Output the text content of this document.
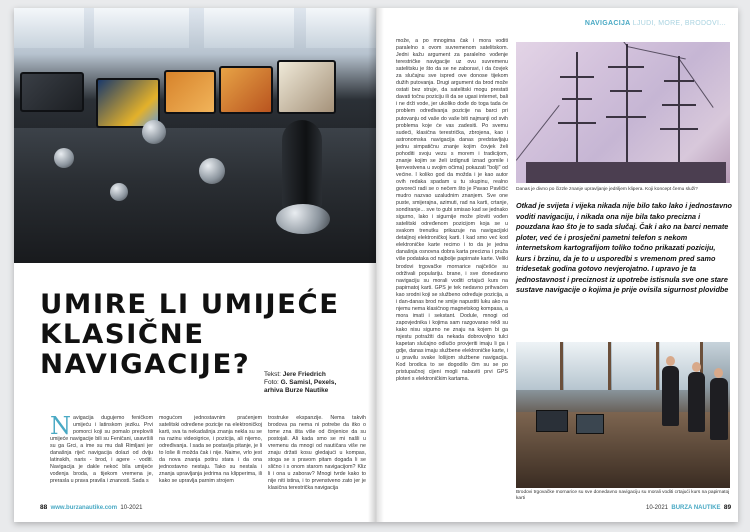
UMIRE LI UMIJEĆE
KLASIČNE
NAVIGACIJE?	Tekst: Jere Friedrich
Foto: G. Samisl, Pexels,
arhiva Burze Nautike
Navigacija dugujemo feničkom umijeću i latinskom jeziku. Prvi pomorci koji su pomalо preplovili umijeće navigacije bili su Feničani, usavršili su ga Grci, a ime su mu dali Rimljani jer današnja riječ navigacija dolazi od dviju latinskih, naris - brod, i agere - voditi. Navigacija je dakle nekoć bila umijeće vođenja broda, a tijekom vremena je, prerasla u prava pravila i znanosti. Sada s
mogućom jednostavnim praćenjem satelitski određene pozicije na elektroničkoj karti, sva ta nekadašnja znanja nekla su se na razinu videoigrice, i pozicija, ali nijemo, određivanja. I sada se postavlja pitanje, je li to loše ili možda čak i nije. Naime, vrlo jest da nova znanja potiru stara i da ona jednostavno nestaju. Tako su nestala i znanja upravljanja jedrima na klipperima, ili kako se upravlja parnim strojem
trostruke ekspanzije. Nema takvih brodova pa nema ni potrebe da itko o tome zna išta više od činjenice da su postojali. Ali kada smo se mi našli u vremenu da mnogi od nautičara više ne znaju držati kosu gledajući u kompas, stoga se s pravom pitam događa li se slično i s onom starom navigacijom? Kliz li i ona u zaborav? Mnogi tvrde kako to nije niti istina, i to prvenstveno zato jer je klasična terestrička navigacija
88 www.burzanautike.com 10-2021
NAVIGACIJA LJUDI, MORE, BRODOVI...
može, a po mnogima čak i mora voditi paralelno s ovom suvremenom satelitskom. Jedni kažu argument za paralelno vođenje terestričke navigacije uz ovu suvremenu satelitsku je što da se ne zaboravi, i da čovjek za slučajnu sve ispred ove donose tijekom dužih putovanja. Drugi argument da brod može ostati bez struje, da satelitski mogu prestati davati točnu poziciju ili da se ugasi internet, bali i ne drži vode, jer ukoliko dođe do toga tada će problem određivanja pozicije na barci pri putovanju od vaše do vaše biti najmanji od svih problema koje će vas zadesiti. Po svemu sudeći, klasična terestrička, zbrojena, kao i astronomska navigacija danas predstavljaju jednu simpatičnu znanje kojim čovjek želi pohoditi svoju vezu s morem i tradicijom, znanje kojim se želi izdignuti iznad gomile i ljenvestvena u svojim očima) pokazati "bolji" od većine. I koliko god da možda i je kao autor ovih redaka spadam u tu skupinu, realno govoreći radi se o nečem što je Pavao Pavličić mudro nazvao uzaludnim znanjem. Sve one puste, smijerajna, azimuti, rad na karti, crtanje, sondiranje... sve to gubi smisao kad se jednako sigurno, lako i sigurnije može ploviti vođen satelitski određenom pozicijom koja se u svakom trenutku prikazuje na navigacijski detaljnoj elektroničkoj karti. I kad smo već kod elektroničke karte recimo i to da je jedna današnja osnovna dobra karta precizna i pruža više podataka od najbolje papirnate karte. Veliki brodovi trgovačke mornarice najčešće su održivali populariju. brane, i sve donedavno navigaciju su morali voditi crtajući kurs na papirnatoj karti. GPS je tek nedavno prihvaćen kao srodni koji se službeno određuje pozicija, a i dan-danas brod ne smije napustiti luku ako na njemu nema klasičnog magnetskog kompasa, a mora imati i sekstant. Dodule, mnogi od zapovjednika i kojima sam razgovarao rekli su kako nisu sigurno ne znaju na kojem bi ga mjestu potražiti da nekada dobrovoljno tulci kapetan slučajno odlučio provjeriti imaju li ga i gdje, danas imaju službene elektroničke karte, i u pravilu svake lošijom službene navigacija. Kod brodica to se dogodilo čim su se po pristupačnoj cijeni mogli nabaviti prvi GPS ploteri s elektroničkim kartama.
Danas je divno po čizzle znanje upravljanje jedrilјem klipera. Koji koncept čemu služi?
Otkad je svijeta i vijeka nikada nije bilo tako lako i jednostavno voditi navigaciju, i nikada ona nije bila tako precizna i pouzdana kao što je to sada slučaj. Čak i ako na barci nemate ploter, već će i prosječni pametni telefon s nekom internetskom kartografijom toliko točno prikazati poziciju, kurs i brzinu, da je to u usporedbi s vremenom pred samo tridesetak godina gotovo nevjerojatno. I upravo je ta jednostavnost i preciznost iz upotrebe istisnula sve one stare sustave navigacije o kojima je prije ovisila sigurnost plovidbe
Brodovi trgovačke mornarice su sve donedavno navigaciju su morali voditi crtajući kurs na papirnatoj karti
10-2021 BURZA NAUTIKE 89
